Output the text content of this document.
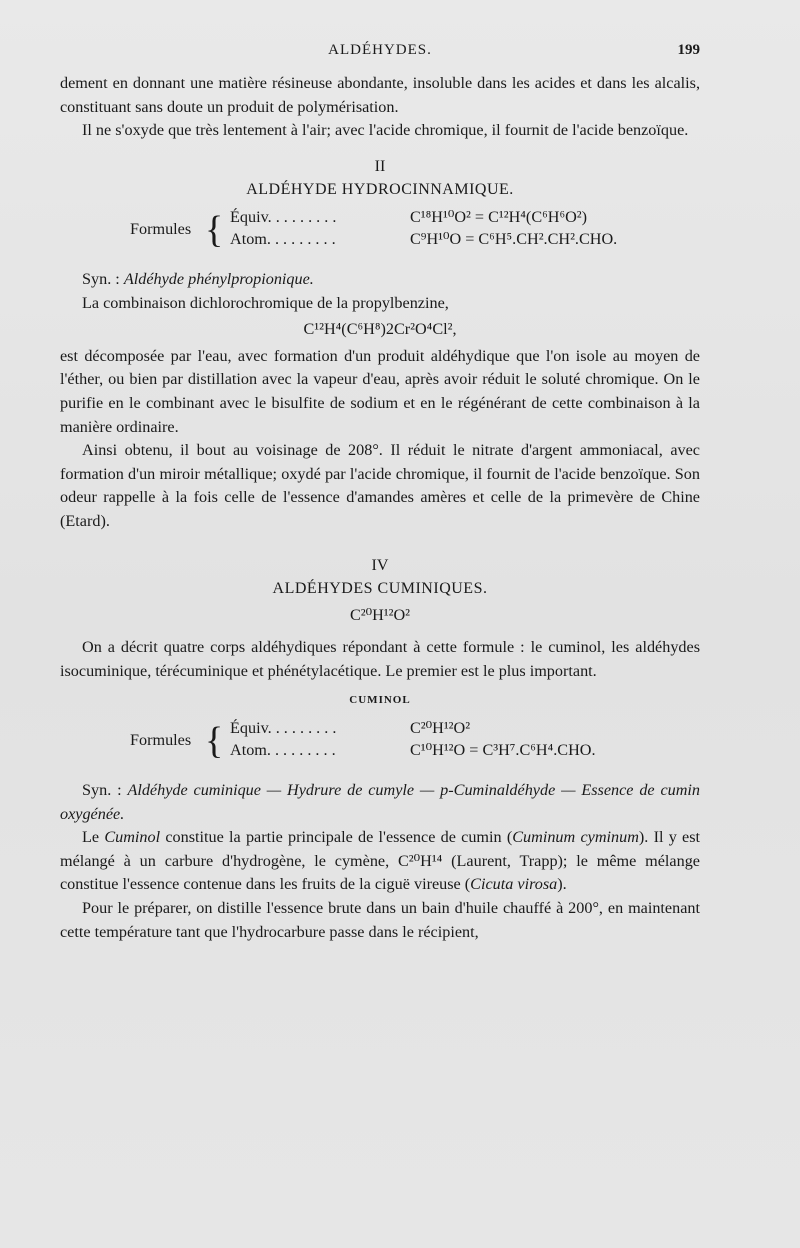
ALDÉHYDES.	199

dement en donnant une matière résineuse abondante, insoluble dans les acides et dans les alcalis, constituant sans doute un produit de polymérisation.

Il ne s'oxyde que très lentement à l'air; avec l'acide chromique, il fournit de l'acide benzoïque.

II
ALDÉHYDE HYDROCINNAMIQUE.
Formules { Équiv. . . . . . . . .	C¹⁸H¹⁰O² = C¹²H⁴(C⁶H⁶O²)
Atom. . . . . . . . .	C⁹H¹⁰O = C⁶H⁵.CH².CH².CHO.

Syn. : Aldéhyde phénylpropionique.

La combinaison dichlorochromique de la propylbenzine,

C¹²H⁴(C⁶H⁸)2Cr²O⁴Cl²,

est décomposée par l'eau, avec formation d'un produit aldéhydique que l'on isole au moyen de l'éther, ou bien par distillation avec la vapeur d'eau, après avoir réduit le soluté chromique. On le purifie en le combinant avec le bisulfite de sodium et en le régénérant de cette combinaison à la manière ordinaire.

Ainsi obtenu, il bout au voisinage de 208°. Il réduit le nitrate d'argent ammoniacal, avec formation d'un miroir métallique; oxydé par l'acide chromique, il fournit de l'acide benzoïque. Son odeur rappelle à la fois celle de l'essence d'amandes amères et celle de la primevère de Chine (Etard).

IV
ALDÉHYDES CUMINIQUES.
C²⁰H¹²O²

On a décrit quatre corps aldéhydiques répondant à cette formule : le cuminol, les aldéhydes isocuminique, térécuminique et phénétylacétique. Le premier est le plus important.

CUMINOL
Formules { Équiv. . . . . . . . .	C²⁰H¹²O²
Atom. . . . . . . . .	C¹⁰H¹²O = C³H⁷.C⁶H⁴.CHO.

Syn. : Aldéhyde cuminique — Hydrure de cumyle — p-Cuminaldéhyde — Essence de cumin oxygénée.

Le Cuminol constitue la partie principale de l'essence de cumin (Cuminum cyminum). Il y est mélangé à un carbure d'hydrogène, le cymène, C²⁰H¹⁴ (Laurent, Trapp); le même mélange constitue l'essence contenue dans les fruits de la ciguë vireuse (Cicuta virosa).

Pour le préparer, on distille l'essence brute dans un bain d'huile chauffé à 200°, en maintenant cette température tant que l'hydrocarbure passe dans le récipient,
